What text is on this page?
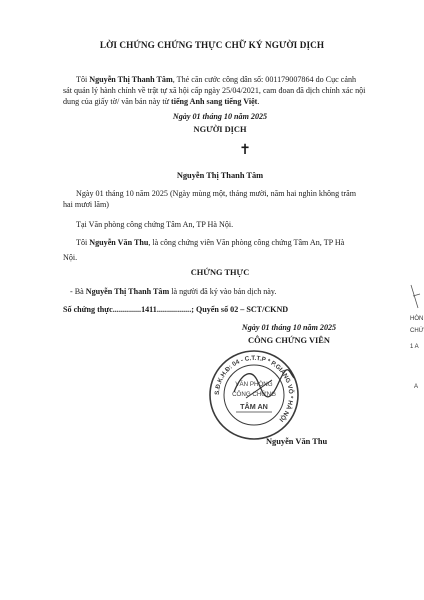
LỜI CHỨNG CHỨNG THỰC CHỮ KÝ NGƯỜI DỊCH
Tôi Nguyễn Thị Thanh Tâm, Thẻ căn cước công dân số: 001179007864 do Cục cảnh
sát quản lý hành chính về trật tự xã hội cấp ngày 25/04/2021, cam đoan đã dịch chính xác nội
dung của giấy tờ/ văn bản này từ tiếng Anh sang tiếng Việt.
Ngày 01 tháng 10 năm 2025
NGƯỜI DỊCH
✝
Nguyễn Thị Thanh Tâm
Ngày 01 tháng 10 năm 2025 (Ngày mùng một, tháng mười, năm hai nghìn không trăm
hai mươi lăm)
Tại Văn phòng công chứng Tâm An, TP Hà Nội.
Tôi Nguyễn Văn Thu, là công chứng viên Văn phòng công chứng Tâm An, TP Hà
Nội.
CHỨNG THỰC
- Bà Nguyễn Thị Thanh Tâm là người đã ký vào bản dịch này.
Số chứng thực..............1411.................; Quyển số 02 – SCT/CKND
Ngày 01 tháng 10 năm 2025
CÔNG CHỨNG VIÊN
S.Đ.K.H.Đ: 04 - C.T.T.P * P.GIÁNG VÕ * HÀ NỘI
VĂN PHÒNG
CÔNG CHỨNG
TÂM AN
Nguyễn Văn Thu
HÒN
CHỨ
1 A
A
